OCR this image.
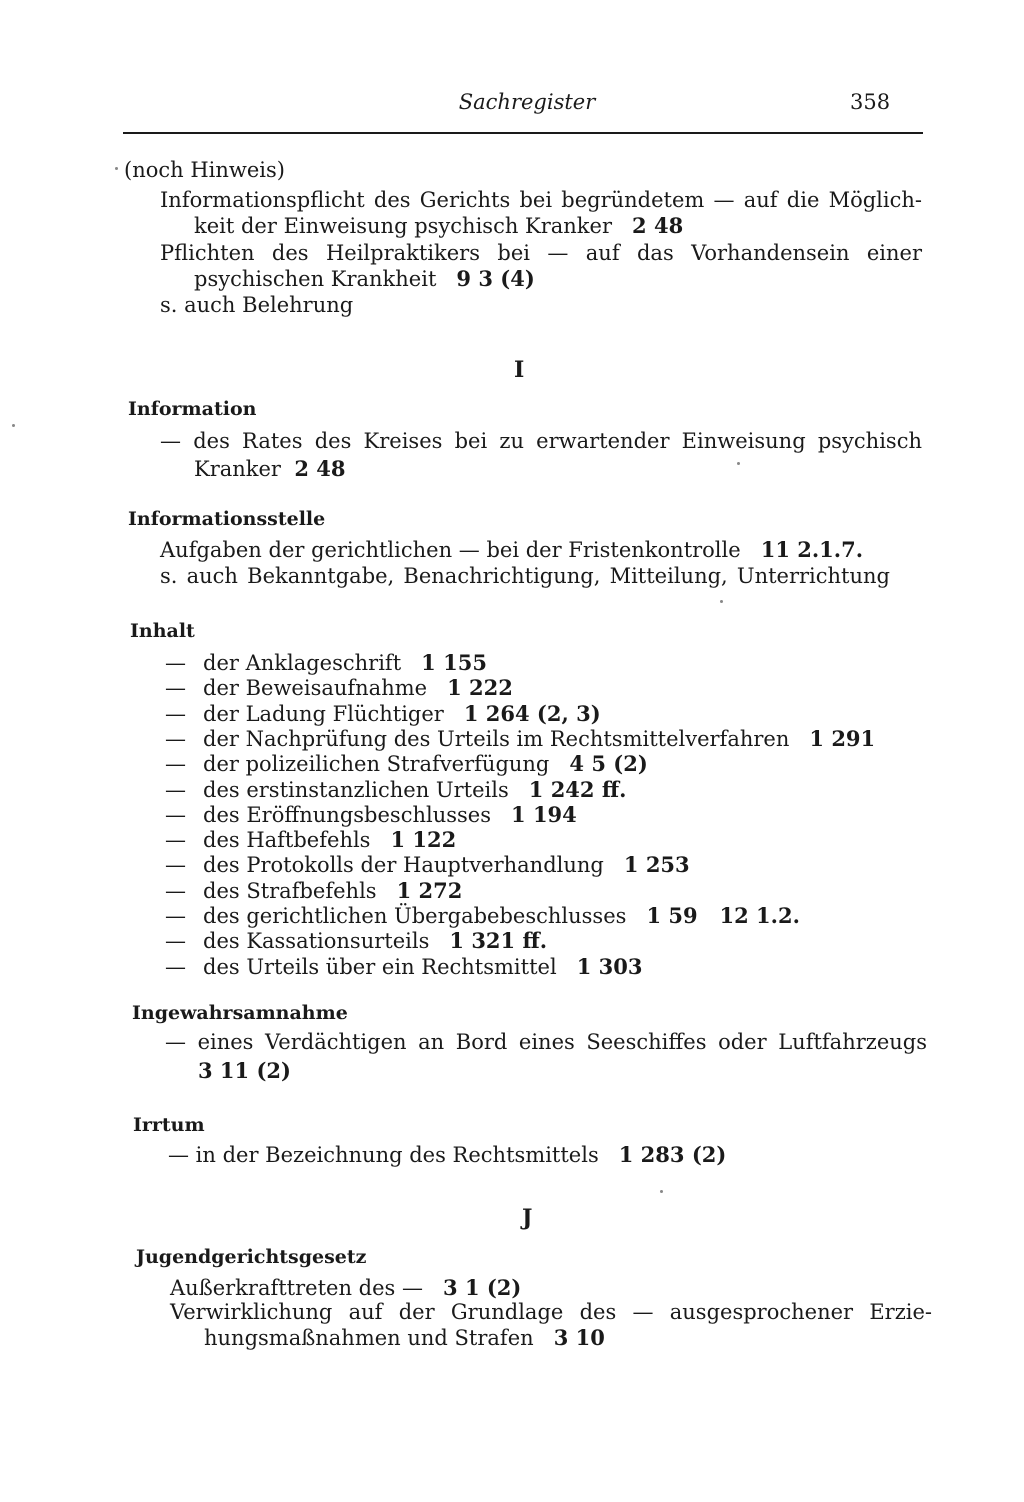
Sachregister	358
(noch Hinweis)
Informationspflicht des Gerichts bei begründetem — auf die Möglich-
keit der Einweisung psychisch Kranker 2 48
Pflichten des Heilpraktikers bei — auf das Vorhandensein einer
psychischen Krankheit 9 3 (4)
s. auch Belehrung
I
Information
— des Rates des Kreises bei zu erwartender Einweisung psychisch
Kranker 2 48
Informationsstelle
Aufgaben der gerichtlichen — bei der Fristenkontrolle 11 2.1.7.
s. auch Bekanntgabe, Benachrichtigung, Mitteilung, Unterrichtung
Inhalt
— der Anklageschrift 1 155
— der Beweisaufnahme 1 222
— der Ladung Flüchtiger 1 264 (2, 3)
— der Nachprüfung des Urteils im Rechtsmittelverfahren 1 291
— der polizeilichen Strafverfügung 4 5 (2)
— des erstinstanzlichen Urteils 1 242 ff.
— des Eröffnungsbeschlusses 1 194
— des Haftbefehls 1 122
— des Protokolls der Hauptverhandlung 1 253
— des Strafbefehls 1 272
— des gerichtlichen Übergabebeschlusses 1 59   12 1.2.
— des Kassationsurteils 1 321 ff.
— des Urteils über ein Rechtsmittel 1 303
Ingewahrsamnahme
— eines Verdächtigen an Bord eines Seeschiffes oder Luftfahrzeugs
3 11 (2)
Irrtum
— in der Bezeichnung des Rechtsmittels 1 283 (2)
J
Jugendgerichtsgesetz
Außerkrafttreten des — 3 1 (2)
Verwirklichung auf der Grundlage des — ausgesprochener Erzie-
hungsmaßnahmen und Strafen 3 10
